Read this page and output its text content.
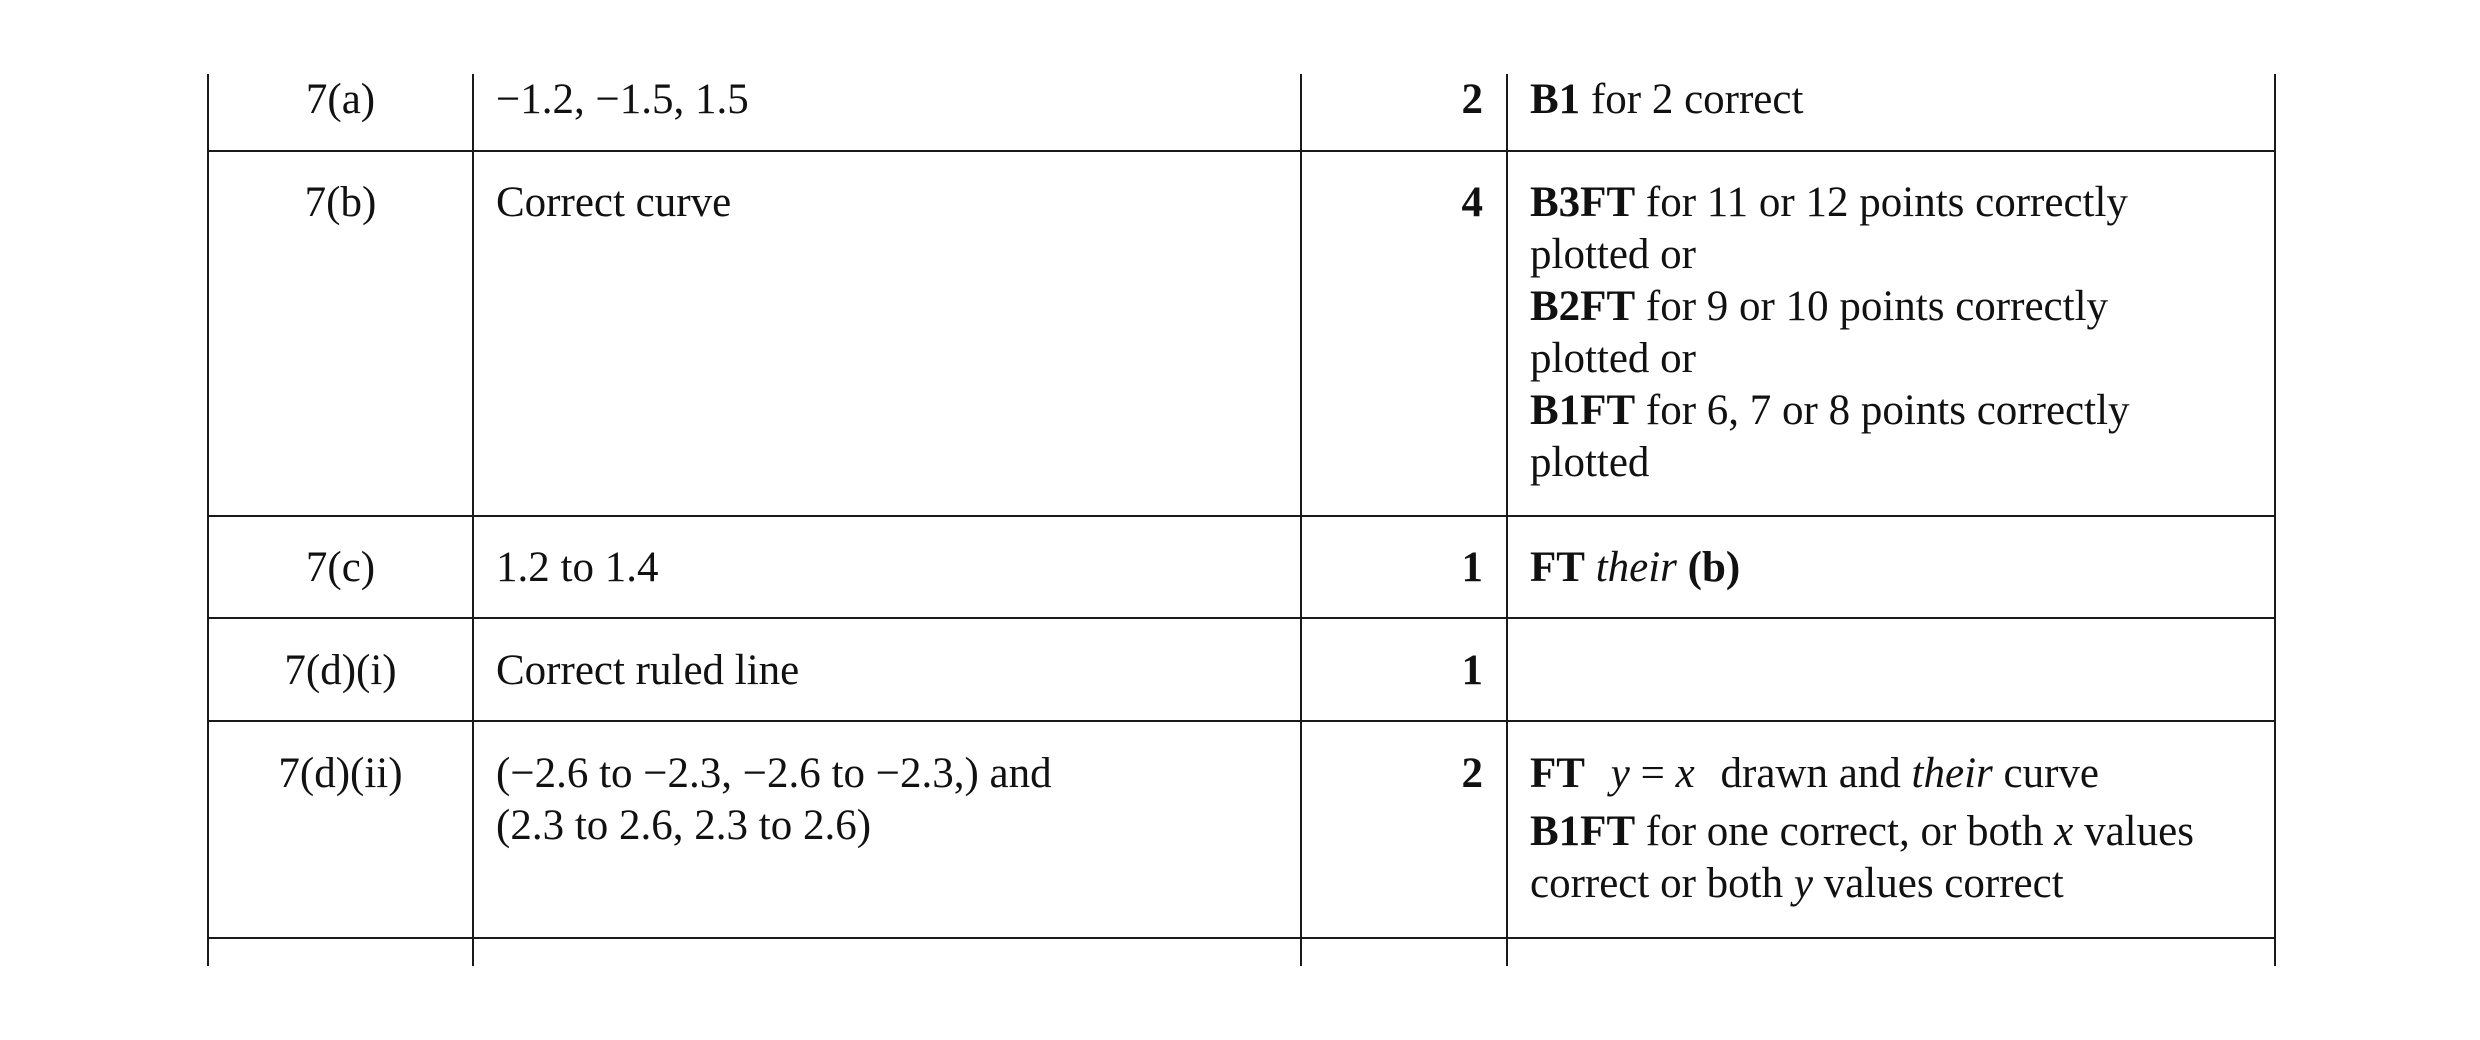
7(a)	−1.2, −1.5, 1.5	2 B1 for 2 correct
7(b)	Correct curve	4 B3FT for 11 or 12 points correctly
plotted or
B2FT for 9 or 10 points correctly
plotted or
B1FT for 6, 7 or 8 points correctly
plotted
7(c)	1.2 to 1.4	1 FT their (b)
7(d)(i)	Correct ruled line	1
7(d)(ii)	(−2.6 to −2.3, −2.6 to −2.3,) and
(2.3 to 2.6, 2.3 to 2.6)
2 FT y = x drawn and their curve
B1FT for one correct, or both x values
correct or both y values correct
